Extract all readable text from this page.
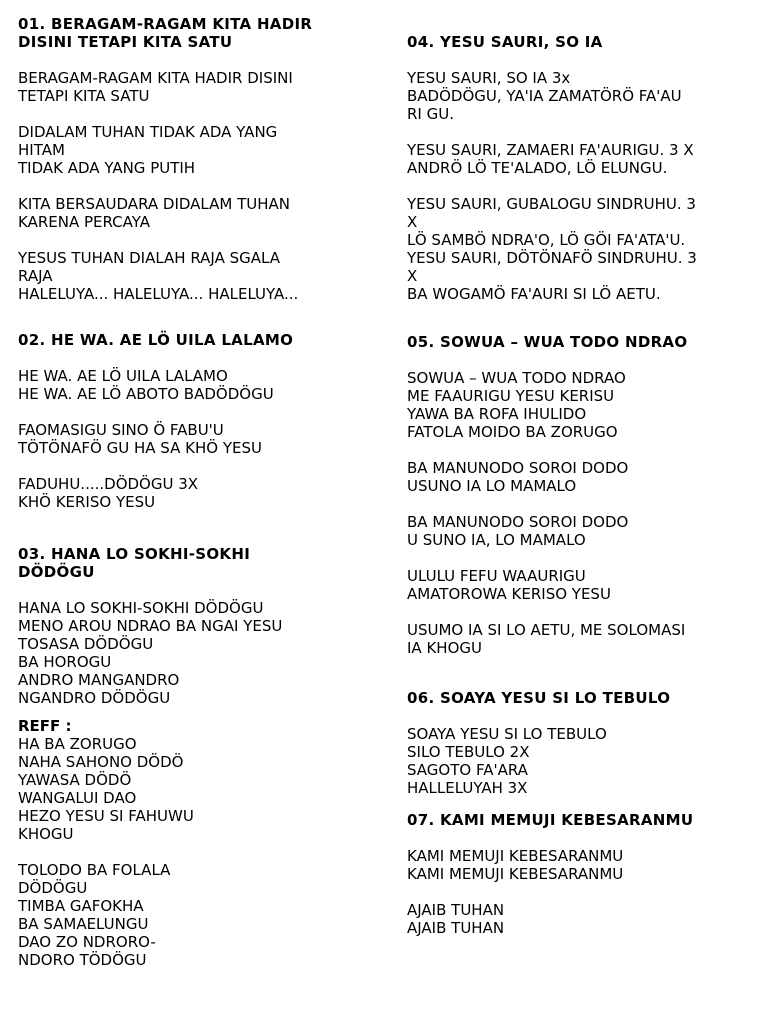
01. BERAGAM-RAGAM KITA HADIR
DISINI TETAPI KITA SATU

BERAGAM-RAGAM KITA HADIR DISINI
TETAPI KITA SATU

DIDALAM TUHAN TIDAK ADA YANG
HITAM
TIDAK ADA YANG PUTIH

KITA BERSAUDARA DIDALAM TUHAN
KARENA PERCAYA

YESUS TUHAN DIALAH RAJA SGALA
RAJA
HALELUYA... HALELUYA... HALELUYA...

02. HE WA. AE LÖ UILA LALAMO

HE WA. AE LÖ UILA LALAMO
HE WA. AE LÖ ABOTO BADÖDÖGU

FAOMASIGU SINO Ö FABU'U
TÖTÖNAFÖ GU HA SA KHÖ YESU

FADUHU.....DÖDÖGU 3X
KHÖ KERISO YESU

03. HANA LO SOKHI-SOKHI
DÖDÖGU

HANA LO SOKHI-SOKHI DÖDÖGU
MENO AROU NDRAO BA NGAI YESU
TOSASA DÖDÖGU
BA HOROGU
ANDRO MANGANDRO
NGANDRO DÖDÖGU

REFF :

HA BA ZORUGO
NAHA SAHONO DÖDÖ
YAWASA DÖDÖ
WANGALUI DAO
HEZO YESU SI FAHUWU
KHOGU

TOLODO BA FOLALA
DÖDÖGU
TIMBA GAFOKHA
BA SAMAELUNGU
DAO ZO NDRORO-
NDORO TÖDÖGU

04. YESU SAURI, SO IA

YESU SAURI, SO IA 3x
BADÖDÖGU, YA'IA ZAMATÖRÖ FA'AU
RI GU.

YESU SAURI, ZAMAERI FA'AURIGU. 3 X
ANDRÖ LÖ TE'ALADO, LÖ ELUNGU.

YESU SAURI, GUBALOGU SINDRUHU. 3
X
LÖ SAMBÖ NDRA'O, LÖ GÖI FA'ATA'U.
YESU SAURI, DÖTÖNAFÖ SINDRUHU. 3
X
BA WOGAMÖ FA'AURI SI LÖ AETU.

05. SOWUA – WUA TODO NDRAO

SOWUA – WUA TODO NDRAO
ME FAAURIGU YESU KERISU
YAWA BA ROFA IHULIDO
FATOLA MOIDO BA ZORUGO

BA MANUNODO SOROI DODO
USUNO IA LO MAMALO

BA MANUNODO SOROI DODO
U SUNO IA, LO MAMALO

ULULU FEFU WAAURIGU
AMATOROWA KERISO YESU

USUMO IA SI LO AETU, ME SOLOMASI
IA KHOGU

06. SOAYA YESU SI LO TEBULO

SOAYA YESU SI LO TEBULO
SILO TEBULO 2X
SAGOTO FA'ARA
HALLELUYAH 3X

07. KAMI MEMUJI KEBESARANMU

KAMI MEMUJI KEBESARANMU
KAMI MEMUJI KEBESARANMU

AJAIB TUHAN
AJAIB TUHAN
